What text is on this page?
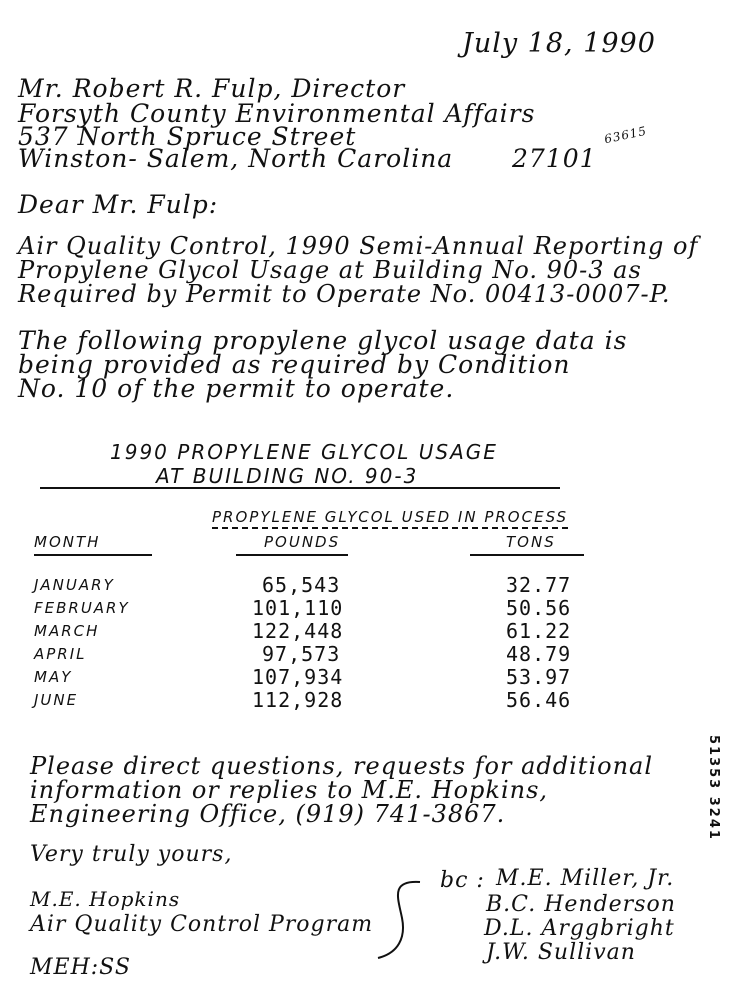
July 18, 1990
63615
Mr. Robert R. Fulp, Director
Forsyth County Environmental Affairs
537 North Spruce Street
Winston- Salem, North Carolina 27101
Dear Mr. Fulp:
Air Quality Control, 1990 Semi-Annual Reporting of
Propylene Glycol Usage at Building No. 90-3 as
Required by Permit to Operate No. 00413-0007-P.
The following propylene glycol usage data is
being provided as required by Condition
No. 10 of the permit to operate.
1990 PROPYLENE GLYCOL USAGE
AT BUILDING NO. 90-3
PROPYLENE GLYCOL USED IN PROCESS
MONTH	POUNDS	TONS
JANUARY	65,543	32.77
FEBRUARY	101,110	50.56
MARCH	122,448	61.22
APRIL	97,573	48.79
MAY	107,934	53.97
JUNE	112,928	56.46
Please direct questions, requests for additional
information or replies to M.E. Hopkins,
Engineering Office, (919) 741-3867.
Very truly yours,
M.E. Hopkins
Air Quality Control Program
MEH:SS
bc : M.E. Miller, Jr.
B.C. Henderson
D.L. Arggbright
J.W. Sullivan
51353 3241
